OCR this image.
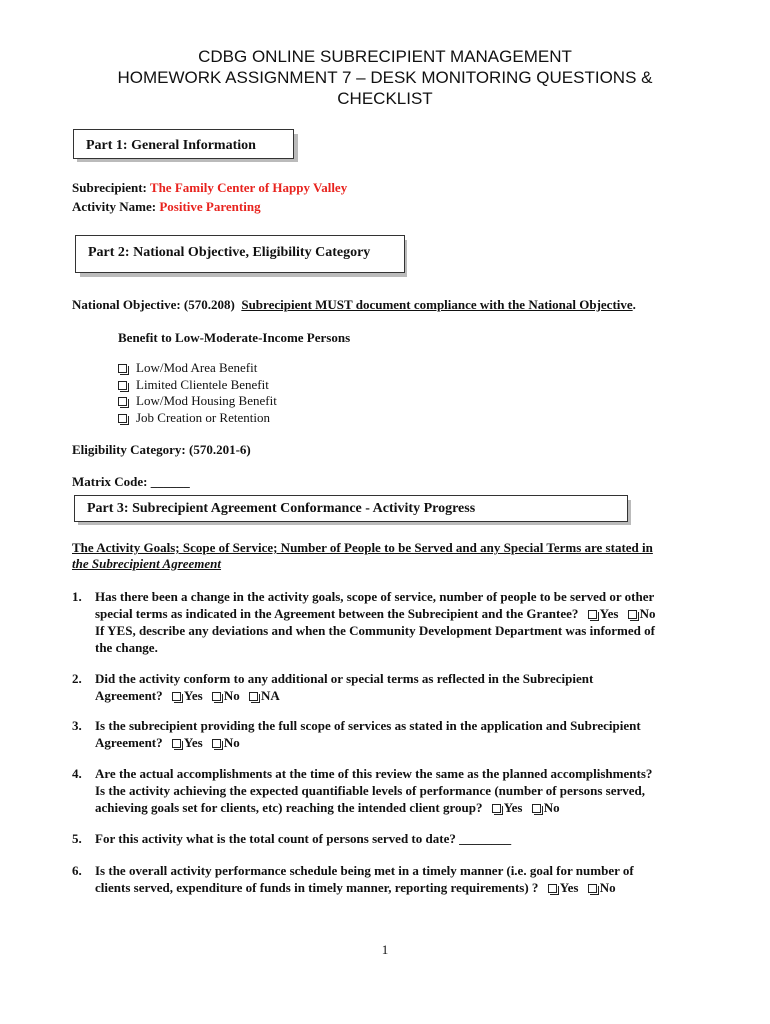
CDBG ONLINE SUBRECIPIENT MANAGEMENT
HOMEWORK ASSIGNMENT 7 – DESK MONITORING QUESTIONS &
CHECKLIST
Part 1: General Information
Subrecipient: The Family Center of Happy Valley
Activity Name: Positive Parenting
Part 2: National Objective, Eligibility Category
National Objective: (570.208) Subrecipient MUST document compliance with the National Objective.
Benefit to Low-Moderate-Income Persons
Low/Mod Area Benefit
Limited Clientele Benefit
Low/Mod Housing Benefit
Job Creation or Retention
Eligibility Category: (570.201-6)
Matrix Code: ______
Part 3: Subrecipient Agreement Conformance - Activity Progress
The Activity Goals; Scope of Service; Number of People to be Served and any Special Terms are stated in
the Subrecipient Agreement
1. Has there been a change in the activity goals, scope of service, number of people to be served or other
special terms as indicated in the Agreement between the Subrecipient and the Grantee? Yes No
If YES, describe any deviations and when the Community Development Department was informed of
the change.
2. Did the activity conform to any additional or special terms as reflected in the Subrecipient
Agreement? Yes No NA
3. Is the subrecipient providing the full scope of services as stated in the application and Subrecipient
Agreement? Yes No
4. Are the actual accomplishments at the time of this review the same as the planned accomplishments?
Is the activity achieving the expected quantifiable levels of performance (number of persons served,
achieving goals set for clients, etc) reaching the intended client group? Yes No
5. For this activity what is the total count of persons served to date? ________
6. Is the overall activity performance schedule being met in a timely manner (i.e. goal for number of
clients served, expenditure of funds in timely manner, reporting requirements) ? Yes No
1
